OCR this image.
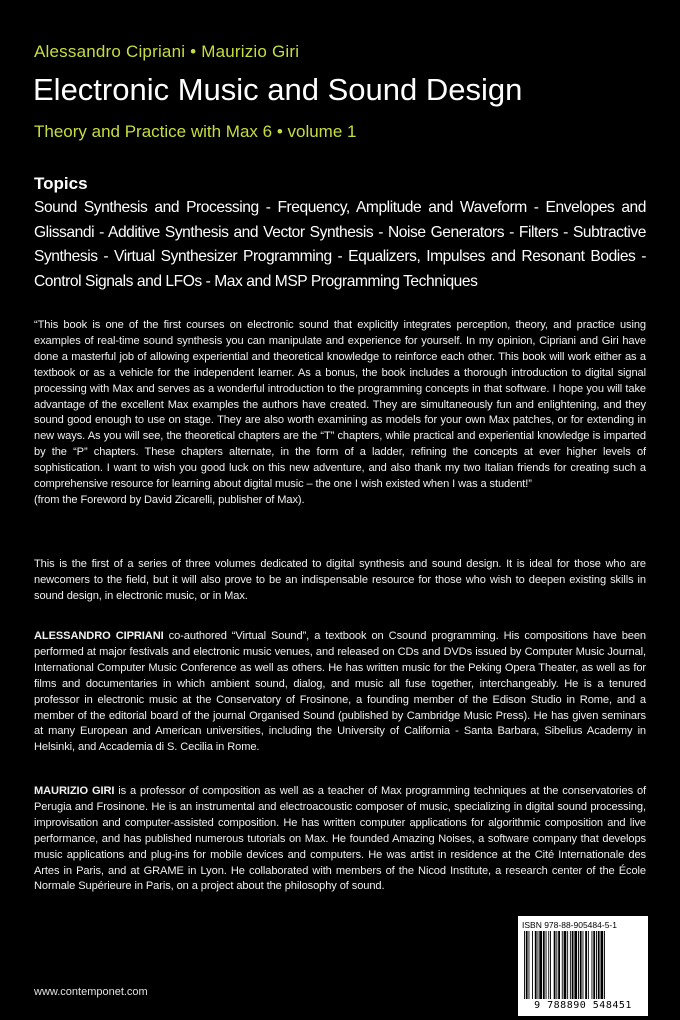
Alessandro Cipriani • Maurizio Giri
Electronic Music and Sound Design
Theory and Practice with Max 6 • volume 1
Topics
Sound Synthesis and Processing - Frequency, Amplitude and Waveform - Envelopes and Glissandi - Additive Synthesis and Vector Synthesis - Noise Generators - Filters - Subtractive Synthesis - Virtual Synthesizer Programming - Equalizers, Impulses and Resonant Bodies - Control Signals and LFOs - Max and MSP Programming Techniques
“This book is one of the first courses on electronic sound that explicitly integrates perception, theory, and practice using examples of real-time sound synthesis you can manipulate and experience for yourself. In my opinion, Cipriani and Giri have done a masterful job of allowing experiential and theoretical knowledge to reinforce each other. This book will work either as a textbook or as a vehicle for the independent learner. As a bonus, the book includes a thorough introduction to digital signal processing with Max and serves as a wonderful introduction to the programming concepts in that software. I hope you will take advantage of the excellent Max examples the authors have created. They are simultaneously fun and enlightening, and they sound good enough to use on stage. They are also worth examining as models for your own Max patches, or for extending in new ways. As you will see, the theoretical chapters are the “T” chapters, while practical and experiential knowledge is imparted by the “P” chapters. These chapters alternate, in the form of a ladder, refining the concepts at ever higher levels of sophistication. I want to wish you good luck on this new adventure, and also thank my two Italian friends for creating such a comprehensive resource for learning about digital music – the one I wish existed when I was a student!”
(from the Foreword by David Zicarelli, publisher of Max).
This is the first of a series of three volumes dedicated to digital synthesis and sound design. It is ideal for those who are newcomers to the field, but it will also prove to be an indispensable resource for those who wish to deepen existing skills in sound design, in electronic music, or in Max.
ALESSANDRO CIPRIANI co-authored “Virtual Sound”, a textbook on Csound programming. His compositions have been performed at major festivals and electronic music venues, and released on CDs and DVDs issued by Computer Music Journal, International Computer Music Conference as well as others. He has written music for the Peking Opera Theater, as well as for films and documentaries in which ambient sound, dialog, and music all fuse together, interchangeably. He is a tenured professor in electronic music at the Conservatory of Frosinone, a founding member of the Edison Studio in Rome, and a member of the editorial board of the journal Organised Sound (published by Cambridge Music Press). He has given seminars at many European and American universities, including the University of California - Santa Barbara, Sibelius Academy in Helsinki, and Accademia di S. Cecilia in Rome.
MAURIZIO GIRI is a professor of composition as well as a teacher of Max programming techniques at the conservatories of Perugia and Frosinone. He is an instrumental and electroacoustic composer of music, specializing in digital sound processing, improvisation and computer-assisted composition. He has written computer applications for algorithmic composition and live performance, and has published numerous tutorials on Max. He founded Amazing Noises, a software company that develops music applications and plug-ins for mobile devices and computers. He was artist in residence at the Cité Internationale des Artes in Paris, and at GRAME in Lyon. He collaborated with members of the Nicod Institute, a research center of the École Normale Supérieure in Paris, on a project about the philosophy of sound.
www.contemponet.com
ISBN 978-88-905484-5-1
9 788890 548451
